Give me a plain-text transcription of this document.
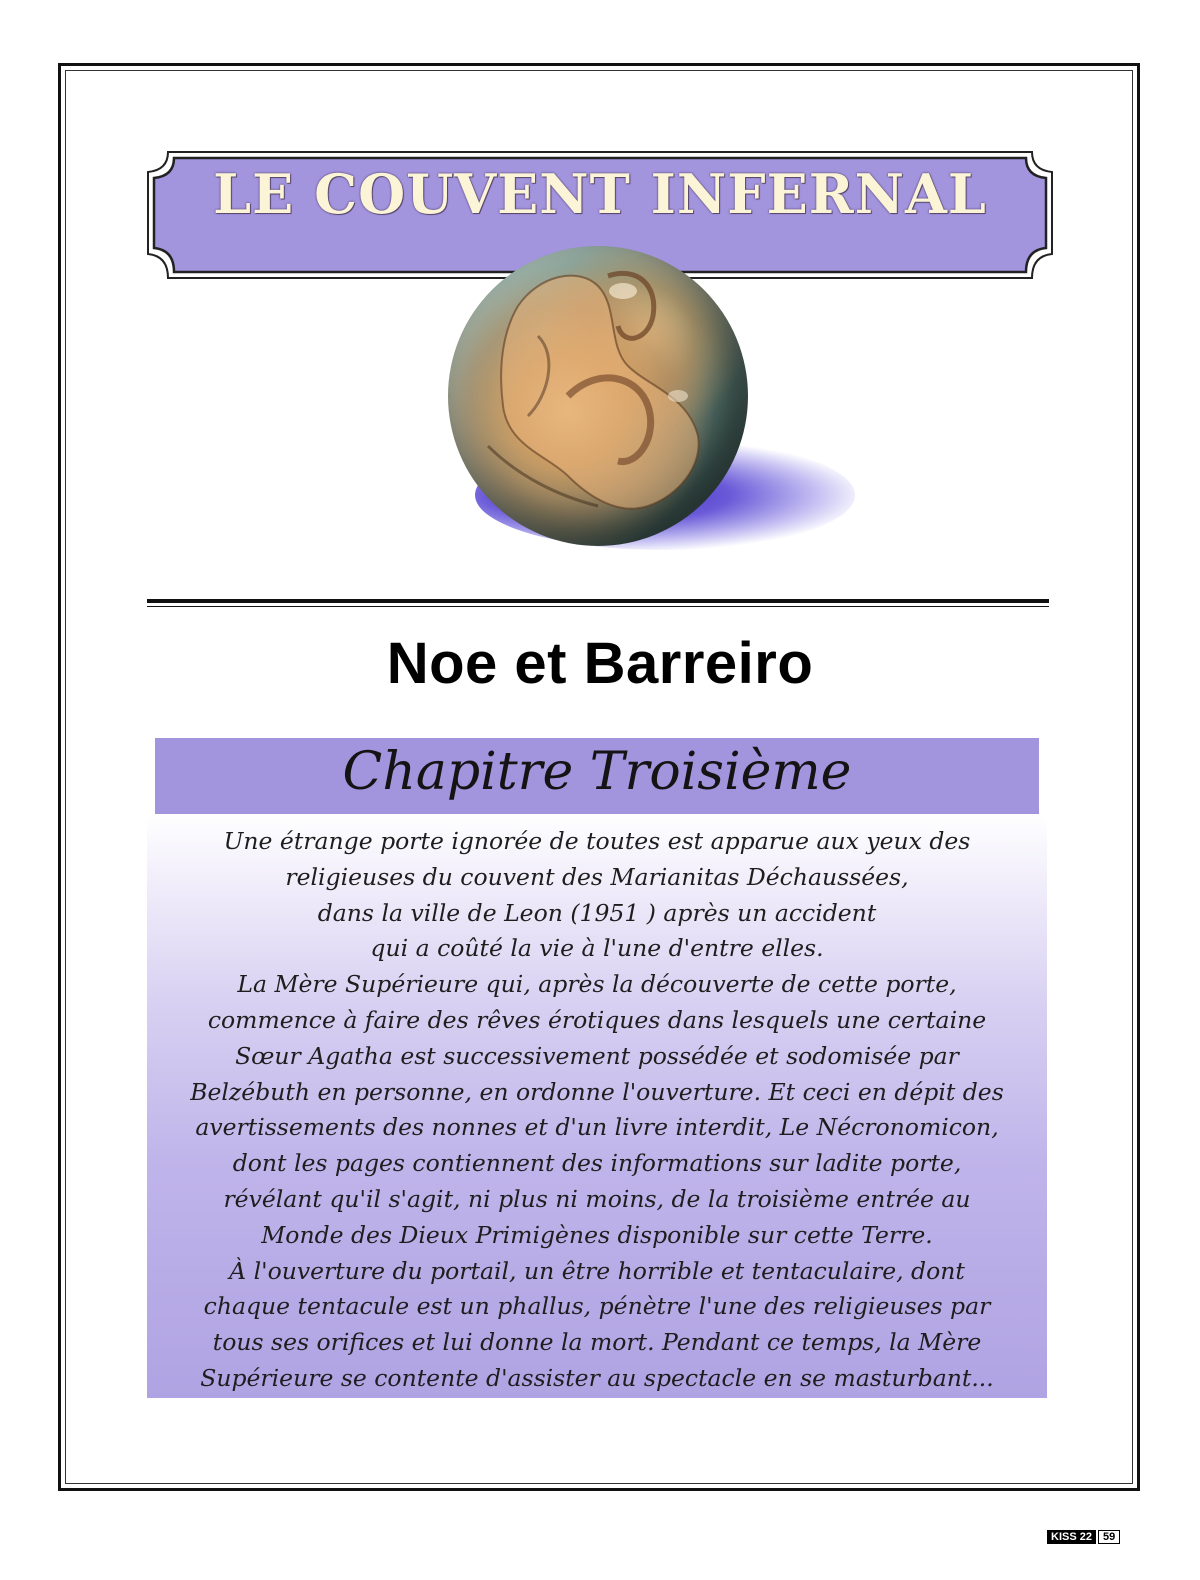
LE COUVENT INFERNAL
Noe et Barreiro
Chapitre Troisième

Une étrange porte ignorée de toutes est apparue aux yeux des
religieuses du couvent des Marianitas Déchaussées,
dans la ville de Leon (1951 ) après un accident
qui a coûté la vie à l'une d'entre elles.
La Mère Supérieure qui, après la découverte de cette porte,
commence à faire des rêves érotiques dans lesquels une certaine
Sœur Agatha est successivement possédée et sodomisée par
Belzébuth en personne, en ordonne l'ouverture. Et ceci en dépit des
avertissements des nonnes et d'un livre interdit, Le Nécronomicon,
dont les pages contiennent des informations sur ladite porte,
révélant qu'il s'agit, ni plus ni moins, de la troisième entrée au
Monde des Dieux Primigènes disponible sur cette Terre.
À l'ouverture du portail, un être horrible et tentaculaire, dont
chaque tentacule est un phallus, pénètre l'une des religieuses par
tous ses orifices et lui donne la mort. Pendant ce temps, la Mère
Supérieure se contente d'assister au spectacle en se masturbant...

KISS 22	59
